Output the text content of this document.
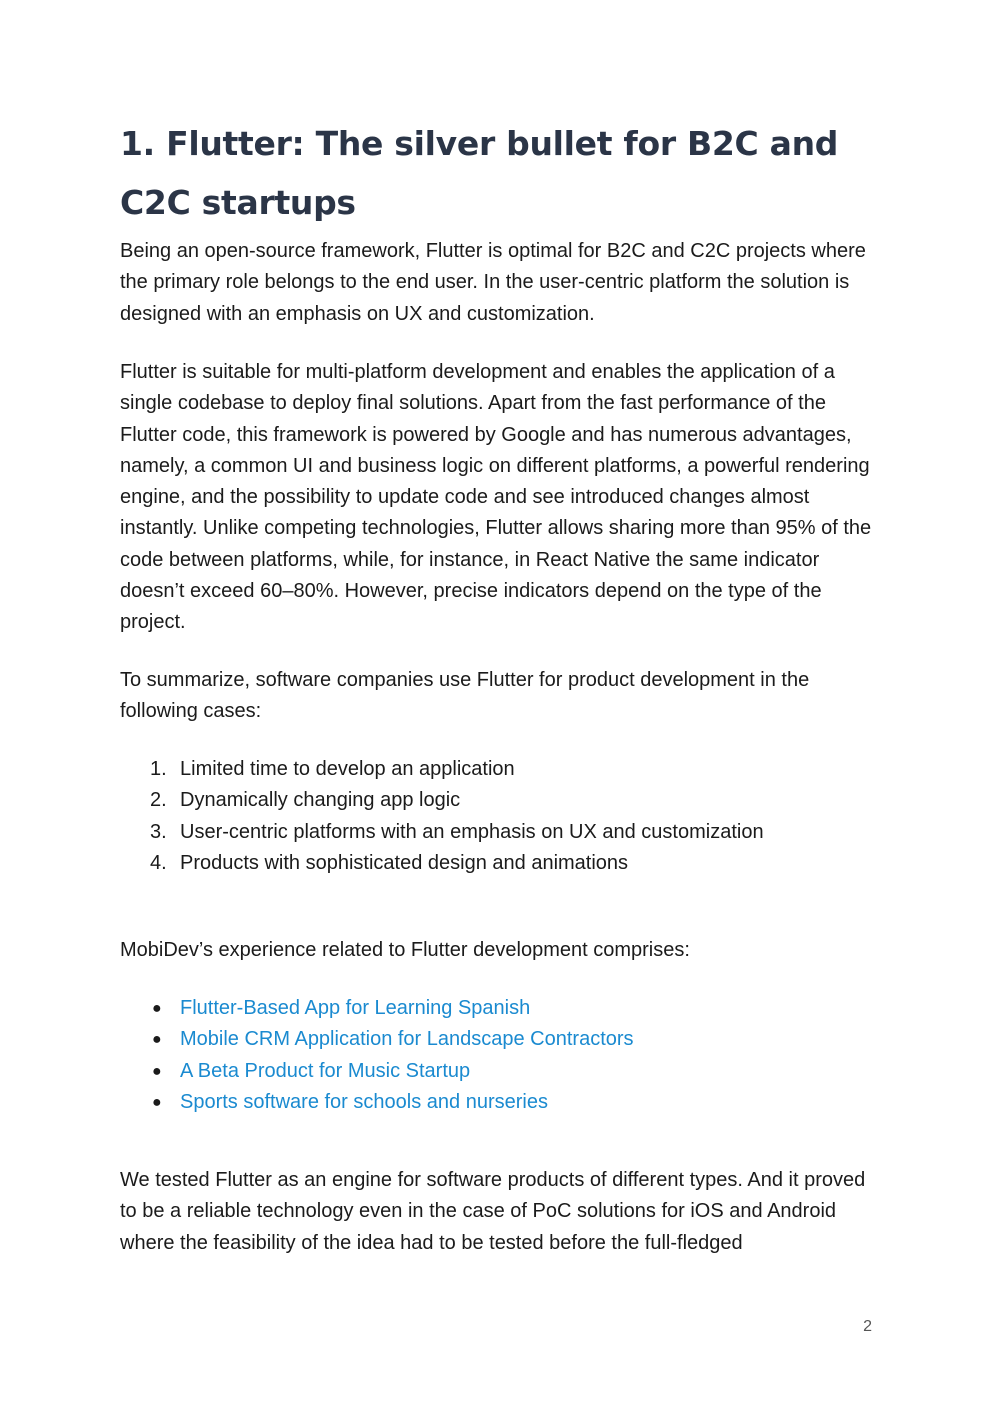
1. Flutter: The silver bullet for B2C and C2C startups

Being an open-source framework, Flutter is optimal for B2C and C2C projects where the primary role belongs to the end user. In the user-centric platform the solution is designed with an emphasis on UX and customization.

Flutter is suitable for multi-platform development and enables the application of a single codebase to deploy final solutions. Apart from the fast performance of the Flutter code, this framework is powered by Google and has numerous advantages, namely, a common UI and business logic on different platforms, a powerful rendering engine, and the possibility to update code and see introduced changes almost instantly. Unlike competing technologies, Flutter allows sharing more than 95% of the code between platforms, while, for instance, in React Native the same indicator doesn’t exceed 60–80%. However, precise indicators depend on the type of the project.

To summarize, software companies use Flutter for product development in the following cases:

1. Limited time to develop an application
2. Dynamically changing app logic
3. User-centric platforms with an emphasis on UX and customization
4. Products with sophisticated design and animations

MobiDev’s experience related to Flutter development comprises:

● Flutter-Based App for Learning Spanish
● Mobile CRM Application for Landscape Contractors
● A Beta Product for Music Startup
● Sports software for schools and nurseries

We tested Flutter as an engine for software products of different types. And it proved to be a reliable technology even in the case of PoC solutions for iOS and Android where the feasibility of the idea had to be tested before the full-fledged

2
